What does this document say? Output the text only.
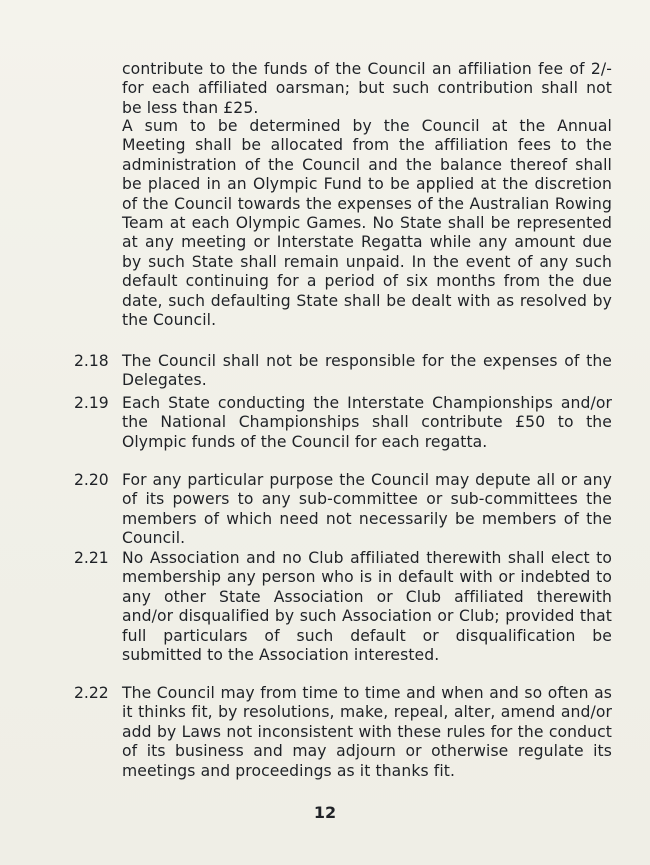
contribute to the funds of the Council an affiliation fee of 2/- for each affiliated oarsman; but such contribution shall not be less than £25.
A sum to be determined by the Council at the Annual Meeting shall be allocated from the affiliation fees to the administration of the Council and the balance thereof shall be placed in an Olympic Fund to be applied at the discretion of the Council towards the expenses of the Australian Rowing Team at each Olympic Games. No State shall be represented at any meeting or Interstate Regatta while any amount due by such State shall remain unpaid. In the event of any such default continuing for a period of six months from the due date, such defaulting State shall be dealt with as resolved by the Council.
2.18 The Council shall not be responsible for the expenses of the Delegates.
2.19 Each State conducting the Interstate Championships and/or the National Championships shall contribute £50 to the Olympic funds of the Council for each regatta.
2.20 For any particular purpose the Council may depute all or any of its powers to any sub-committee or sub-committees the members of which need not necessarily be members of the Council.
2.21 No Association and no Club affiliated therewith shall elect to membership any person who is in default with or indebted to any other State Association or Club affiliated therewith and/or disqualified by such Association or Club; provided that full particulars of such default or disqualification be submitted to the Association interested.
2.22 The Council may from time to time and when and so often as it thinks fit, by resolutions, make, repeal, alter, amend and/or add by Laws not inconsistent with these rules for the conduct of its business and may adjourn or otherwise regulate its meetings and proceedings as it thanks fit.
12
